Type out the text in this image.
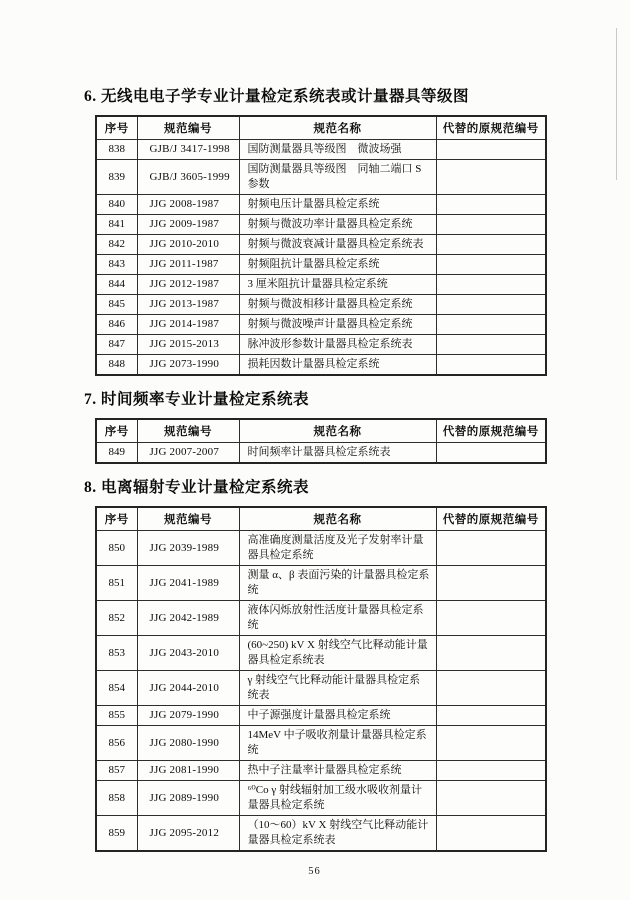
6. 无线电电子学专业计量检定系统表或计量器具等级图
序号	规范编号	规范名称	代替的原规范编号
838	GJB/J 3417-1998	国防测量器具等级图　微波场强	
839	GJB/J 3605-1999	国防测量器具等级图　同轴二端口 S 参数	
840	JJG 2008-1987	射频电压计量器具检定系统	
841	JJG 2009-1987	射频与微波功率计量器具检定系统	
842	JJG 2010-2010	射频与微波衰减计量器具检定系统表	
843	JJG 2011-1987	射频阻抗计量器具检定系统	
844	JJG 2012-1987	3 厘米阻抗计量器具检定系统	
845	JJG 2013-1987	射频与微波相移计量器具检定系统	
846	JJG 2014-1987	射频与微波噪声计量器具检定系统	
847	JJG 2015-2013	脉冲波形参数计量器具检定系统表	
848	JJG 2073-1990	损耗因数计量器具检定系统	
7. 时间频率专业计量检定系统表
序号	规范编号	规范名称	代替的原规范编号
849	JJG 2007-2007	时间频率计量器具检定系统表	
8. 电离辐射专业计量检定系统表
序号	规范编号	规范名称	代替的原规范编号
850	JJG 2039-1989	高准确度测量活度及光子发射率计量器具检定系统	
851	JJG 2041-1989	测量 α、β 表面污染的计量器具检定系统	
852	JJG 2042-1989	液体闪烁放射性活度计量器具检定系统	
853	JJG 2043-2010	(60~250) kV X 射线空气比释动能计量器具检定系统表	
854	JJG 2044-2010	γ 射线空气比释动能计量器具检定系统表	
855	JJG 2079-1990	中子源强度计量器具检定系统	
856	JJG 2080-1990	14MeV 中子吸收剂量计量器具检定系统	
857	JJG 2081-1990	热中子注量率计量器具检定系统	
858	JJG 2089-1990	⁶⁰Co γ 射线辐射加工级水吸收剂量计量器具检定系统	
859	JJG 2095-2012	（10～60）kV X 射线空气比释动能计量器具检定系统表	
56
